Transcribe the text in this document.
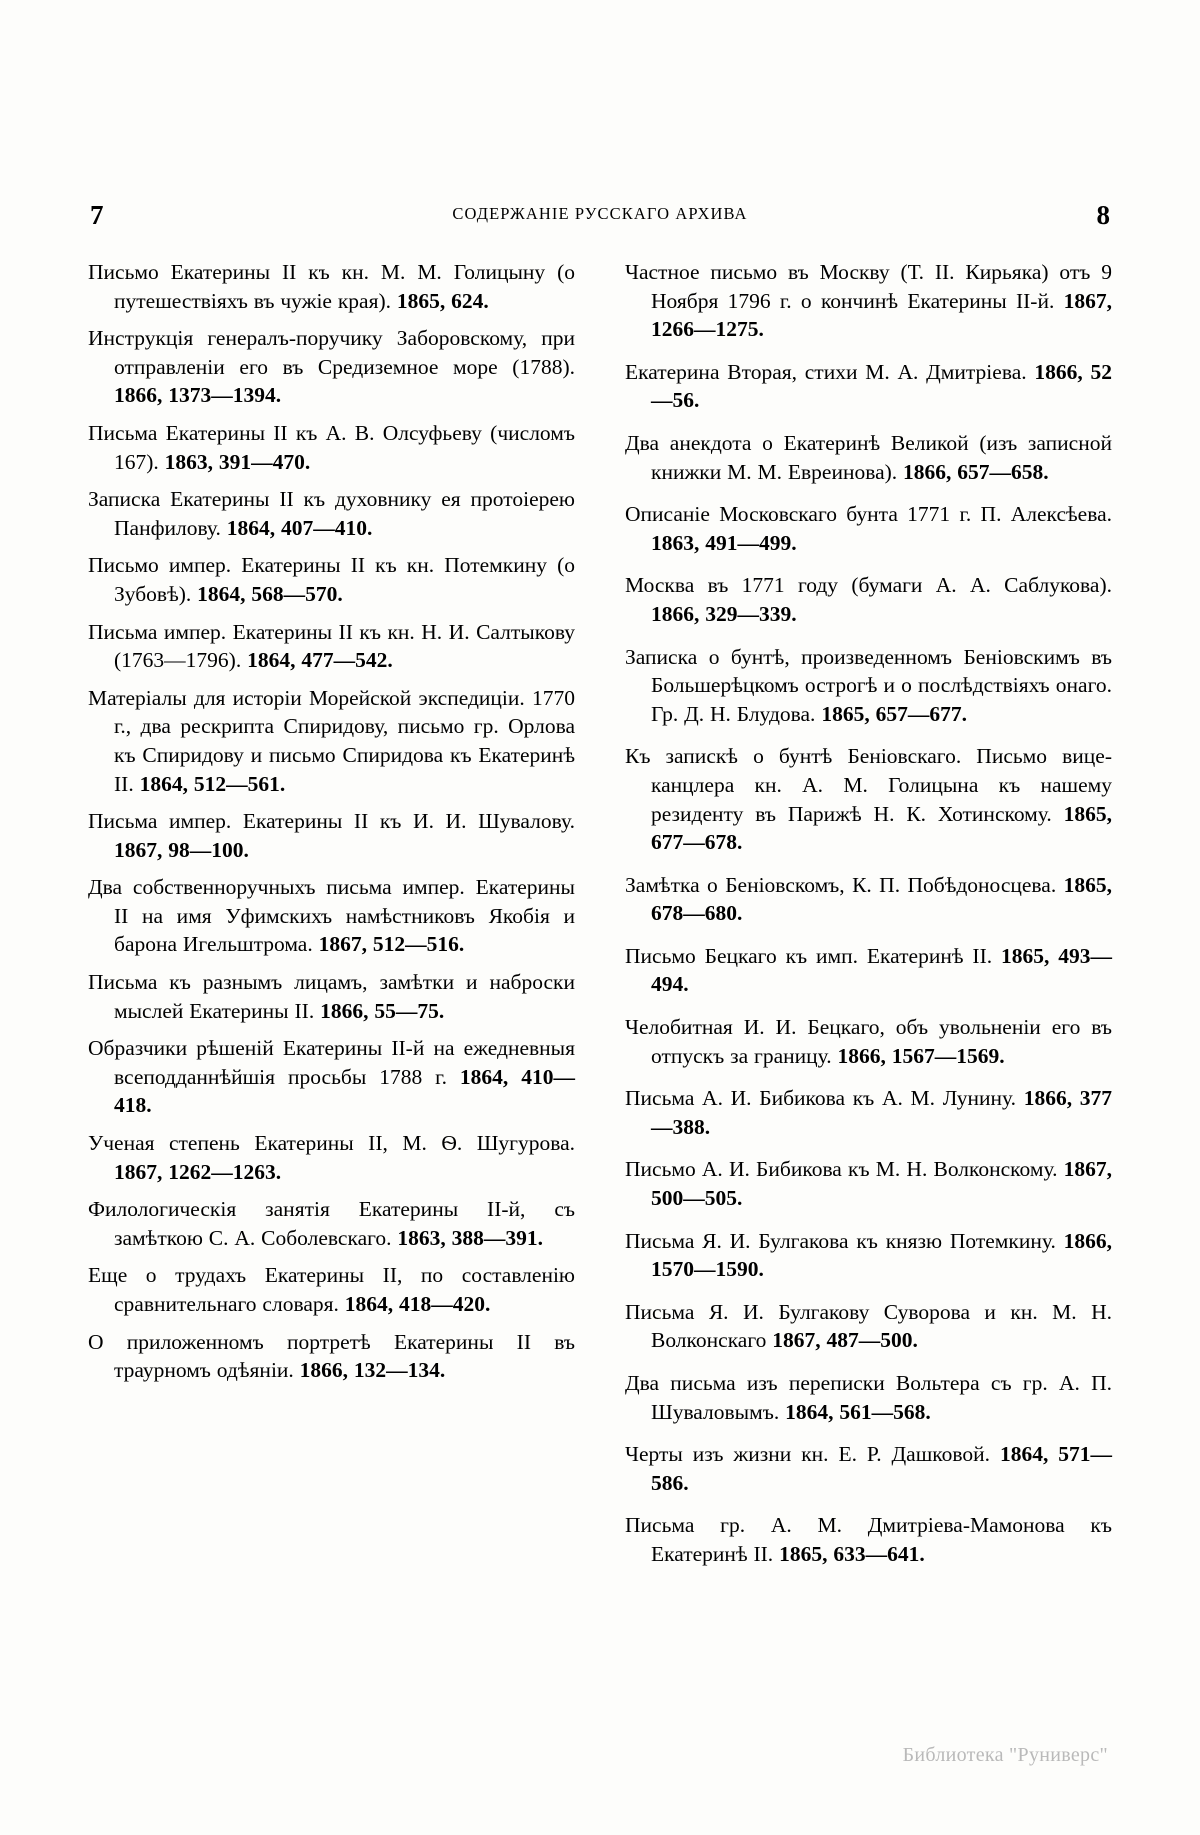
7	СОДЕРЖАНІЕ РУССКАГО АРХИВА	8
Письмо Екатерины II къ кн. М. М. Голицыну (о путешествіяхъ въ чужіе края). 1865, 624.
Инструкція генералъ-поручику Заборовскому, при отправленіи его въ Средиземное море (1788). 1866, 1373—1394.
Письма Екатерины II къ А. В. Олсуфьеву (числомъ 167). 1863, 391—470.
Записка Екатерины II къ духовнику ея протоіерею Панфилову. 1864, 407—410.
Письмо импер. Екатерины II къ кн. Потемкину (о Зубовѣ). 1864, 568—570.
Письма импер. Екатерины II къ кн. Н. И. Салтыкову (1763—1796). 1864, 477—542.
Матеріалы для исторіи Морейской экспедиціи. 1770 г., два рескрипта Спиридову, письмо гр. Орлова къ Спиридову и письмо Спиридова къ Екатеринѣ II. 1864, 512—561.
Письма импер. Екатерины II къ И. И. Шувалову. 1867, 98—100.
Два собственноручныхъ письма импер. Екатерины II на имя Уфимскихъ намѣстниковъ Якобія и барона Игельштрома. 1867, 512—516.
Письма къ разнымъ лицамъ, замѣтки и наброски мыслей Екатерины II. 1866, 55—75.
Образчики рѣшеній Екатерины II-й на ежедневныя всеподданнѣйшія просьбы 1788 г. 1864, 410—418.
Ученая степень Екатерины II, М. Ѳ. Шугурова. 1867, 1262—1263.
Филологическія занятія Екатерины II-й, съ замѣткою С. А. Соболевскаго. 1863, 388—391.
Еще о трудахъ Екатерины II, по составленію сравнительнаго словаря. 1864, 418—420.
О приложенномъ портретѣ Екатерины II въ траурномъ одѣяніи. 1866, 132—134.
Частное письмо въ Москву (Т. II. Кирьяка) отъ 9 Ноября 1796 г. о кончинѣ Екатерины II-й. 1867, 1266—1275.
Екатерина Вторая, стихи М. А. Дмитріева. 1866, 52—56.
Два анекдота о Екатеринѣ Великой (изъ записной книжки М. М. Евреинова). 1866, 657—658.
Описаніе Московскаго бунта 1771 г. П. Алексѣева. 1863, 491—499.
Москва въ 1771 году (бумаги А. А. Саблукова). 1866, 329—339.
Записка о бунтѣ, произведенномъ Беніовскимъ въ Большерѣцкомъ острогѣ и о послѣдствіяхъ онаго. Гр. Д. Н. Блудова. 1865, 657—677.
Къ запискѣ о бунтѣ Беніовскаго. Письмо вице-канцлера кн. А. М. Голицына къ нашему резиденту въ Парижѣ Н. К. Хотинскому. 1865, 677—678.
Замѣтка о Беніовскомъ, К. П. Побѣдоносцева. 1865, 678—680.
Письмо Бецкаго къ имп. Екатеринѣ II. 1865, 493—494.
Челобитная И. И. Бецкаго, объ увольненіи его въ отпускъ за границу. 1866, 1567—1569.
Письма А. И. Бибикова къ А. М. Лунину. 1866, 377—388.
Письмо А. И. Бибикова къ М. Н. Волконскому. 1867, 500—505.
Письма Я. И. Булгакова къ князю Потемкину. 1866, 1570—1590.
Письма Я. И. Булгакову Суворова и кн. М. Н. Волконскаго 1867, 487—500.
Два письма изъ переписки Вольтера съ гр. А. П. Шуваловымъ. 1864, 561—568.
Черты изъ жизни кн. Е. Р. Дашковой. 1864, 571—586.
Письма гр. А. М. Дмитріева-Мамонова къ Екатеринѣ II. 1865, 633—641.
Библиотека "Руниверс"
